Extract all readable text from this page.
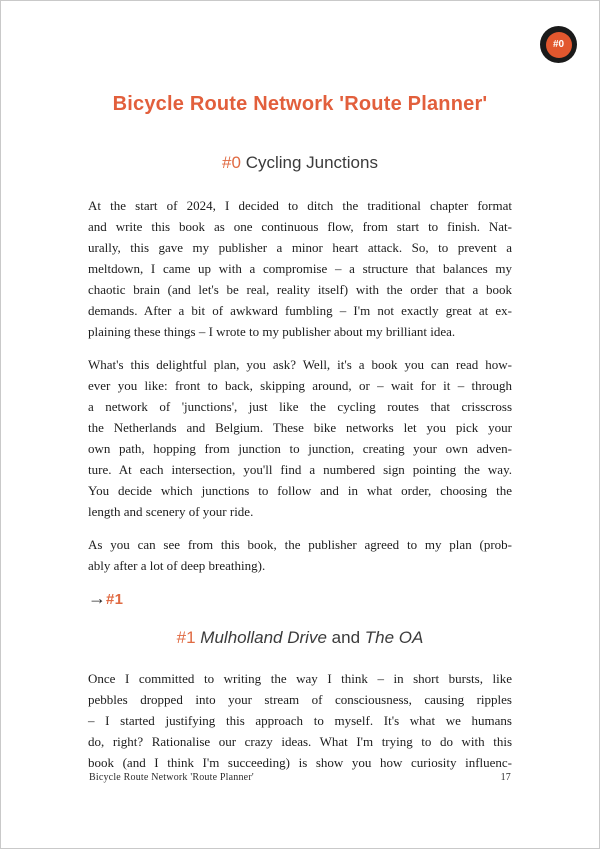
#0
Bicycle Route Network 'Route Planner'
#0 Cycling Junctions
At the start of 2024, I decided to ditch the traditional chapter format
and write this book as one continuous flow, from start to finish. Nat-
urally, this gave my publisher a minor heart attack. So, to prevent a
meltdown, I came up with a compromise – a structure that balances my
chaotic brain (and let's be real, reality itself) with the order that a book
demands. After a bit of awkward fumbling – I'm not exactly great at ex-
plaining these things – I wrote to my publisher about my brilliant idea.
What's this delightful plan, you ask? Well, it's a book you can read how-
ever you like: front to back, skipping around, or – wait for it – through
a network of 'junctions', just like the cycling routes that crisscross
the Netherlands and Belgium. These bike networks let you pick your
own path, hopping from junction to junction, creating your own adven-
ture. At each intersection, you'll find a numbered sign pointing the way.
You decide which junctions to follow and in what order, choosing the
length and scenery of your ride.
As you can see from this book, the publisher agreed to my plan (prob-
ably after a lot of deep breathing).
→#1
#1 Mulholland Drive and The OA
Once I committed to writing the way I think – in short bursts, like
pebbles dropped into your stream of consciousness, causing ripples
– I started justifying this approach to myself. It's what we humans
do, right? Rationalise our crazy ideas. What I'm trying to do with this
book (and I think I'm succeeding) is show you how curiosity influenc-
Bicycle Route Network 'Route Planner'	17
